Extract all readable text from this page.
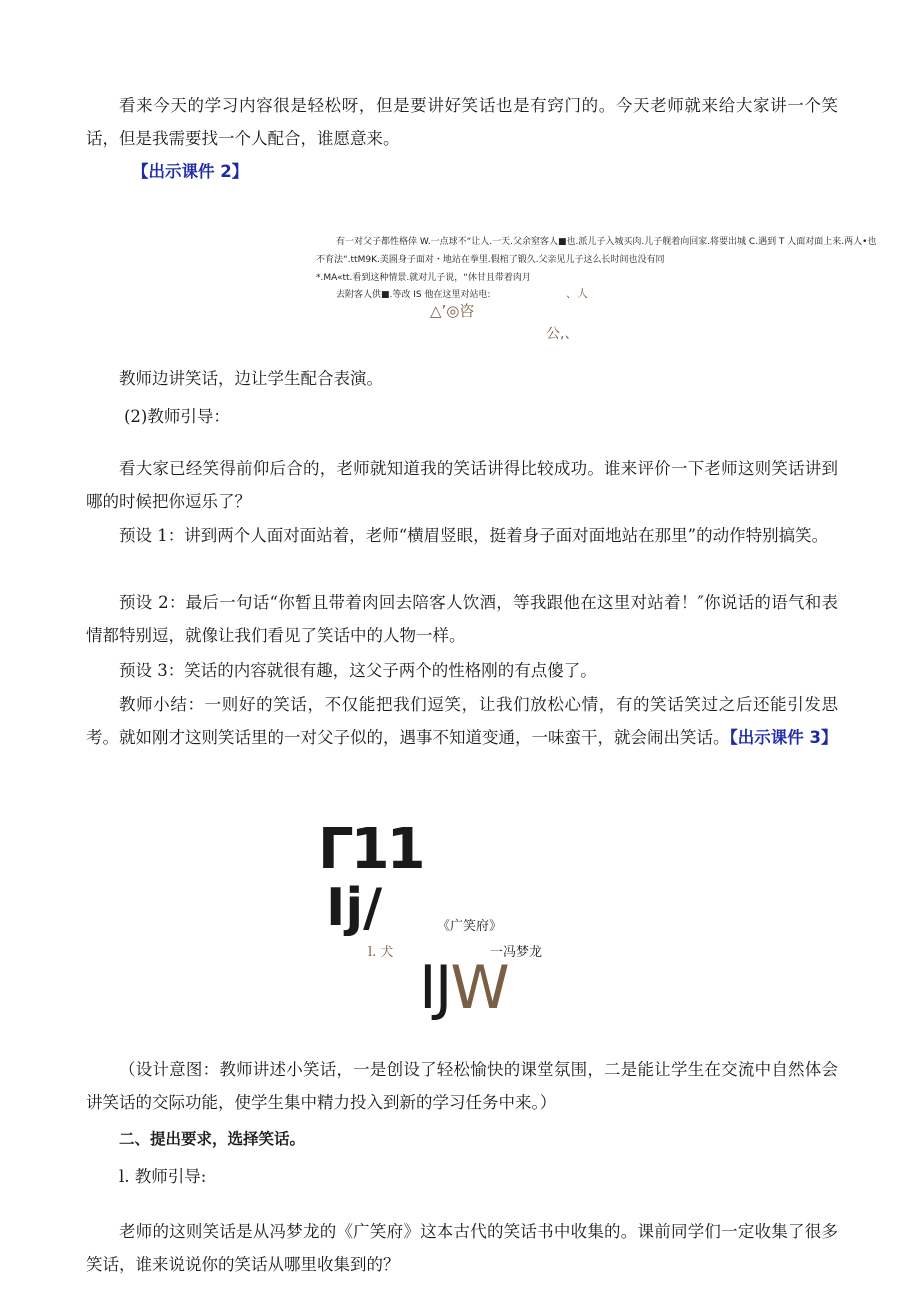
看来今天的学习内容很是轻松呀，但是要讲好笑话也是有窍门的。今天老师就来给大家讲一个笑话，但是我需要找一个人配合，谁愿意来。

【出示课件 2】
有一对父子都性格倖 W.一点球不“让人.一天.父余窒客人■也.派儿子入城买肉.儿子舰着向回家.将要出城 C.遇到 T 人面对面上来.两人•也
不育法“.ttM9K.美圄身子面对・地站在拳里.假棺了锻久.父亲见儿子这么长时间也没有同
*.MA«tt.看到这种情景.就对儿子说，“休甘且带着肉月
去附客人供■.等改 IS 他在这里对站电:	、人
△’◎咨
公,、

教师边讲笑话，边让学生配合表演。

(2)教师引导：

看大家已经笑得前仰后合的，老师就知道我的笑话讲得比较成功。谁来评价一下老师这则笑话讲到哪的时候把你逗乐了？

预设 1：讲到两个人面对面站着，老师“横眉竖眼，挺着身子面对面地站在那里”的动作特别搞笑。

预设 2：最后一句话“你暂且带着肉回去陪客人饮酒，等我跟他在这里对站着！″你说话的语气和表情都特别逗，就像让我们看见了笑话中的人物一样。

预设 3：笑话的内容就很有趣，这父子两个的性格刚的有点傻了。

教师小结：一则好的笑话，不仅能把我们逗笑，让我们放松心情，有的笑话笑过之后还能引发思考。就如刚才这则笑话里的一对父子似的，遇事不知道变通，一味蛮干，就会闹出笑话。【出示课件 3】

Γ11
Ij/	《广笑府》
l. 犬	一冯梦龙
IJW

（设计意图：教师讲述小笑话，一是创设了轻松愉快的课堂氛围，二是能让学生在交流中自然体会讲笑话的交际功能，使学生集中精力投入到新的学习任务中来。）

二、提出要求，选择笑话。

l. 教师引导:

老师的这则笑话是从冯梦龙的《广笑府》这本古代的笑话书中收集的。课前同学们一定收集了很多笑话，谁来说说你的笑话从哪里收集到的？
